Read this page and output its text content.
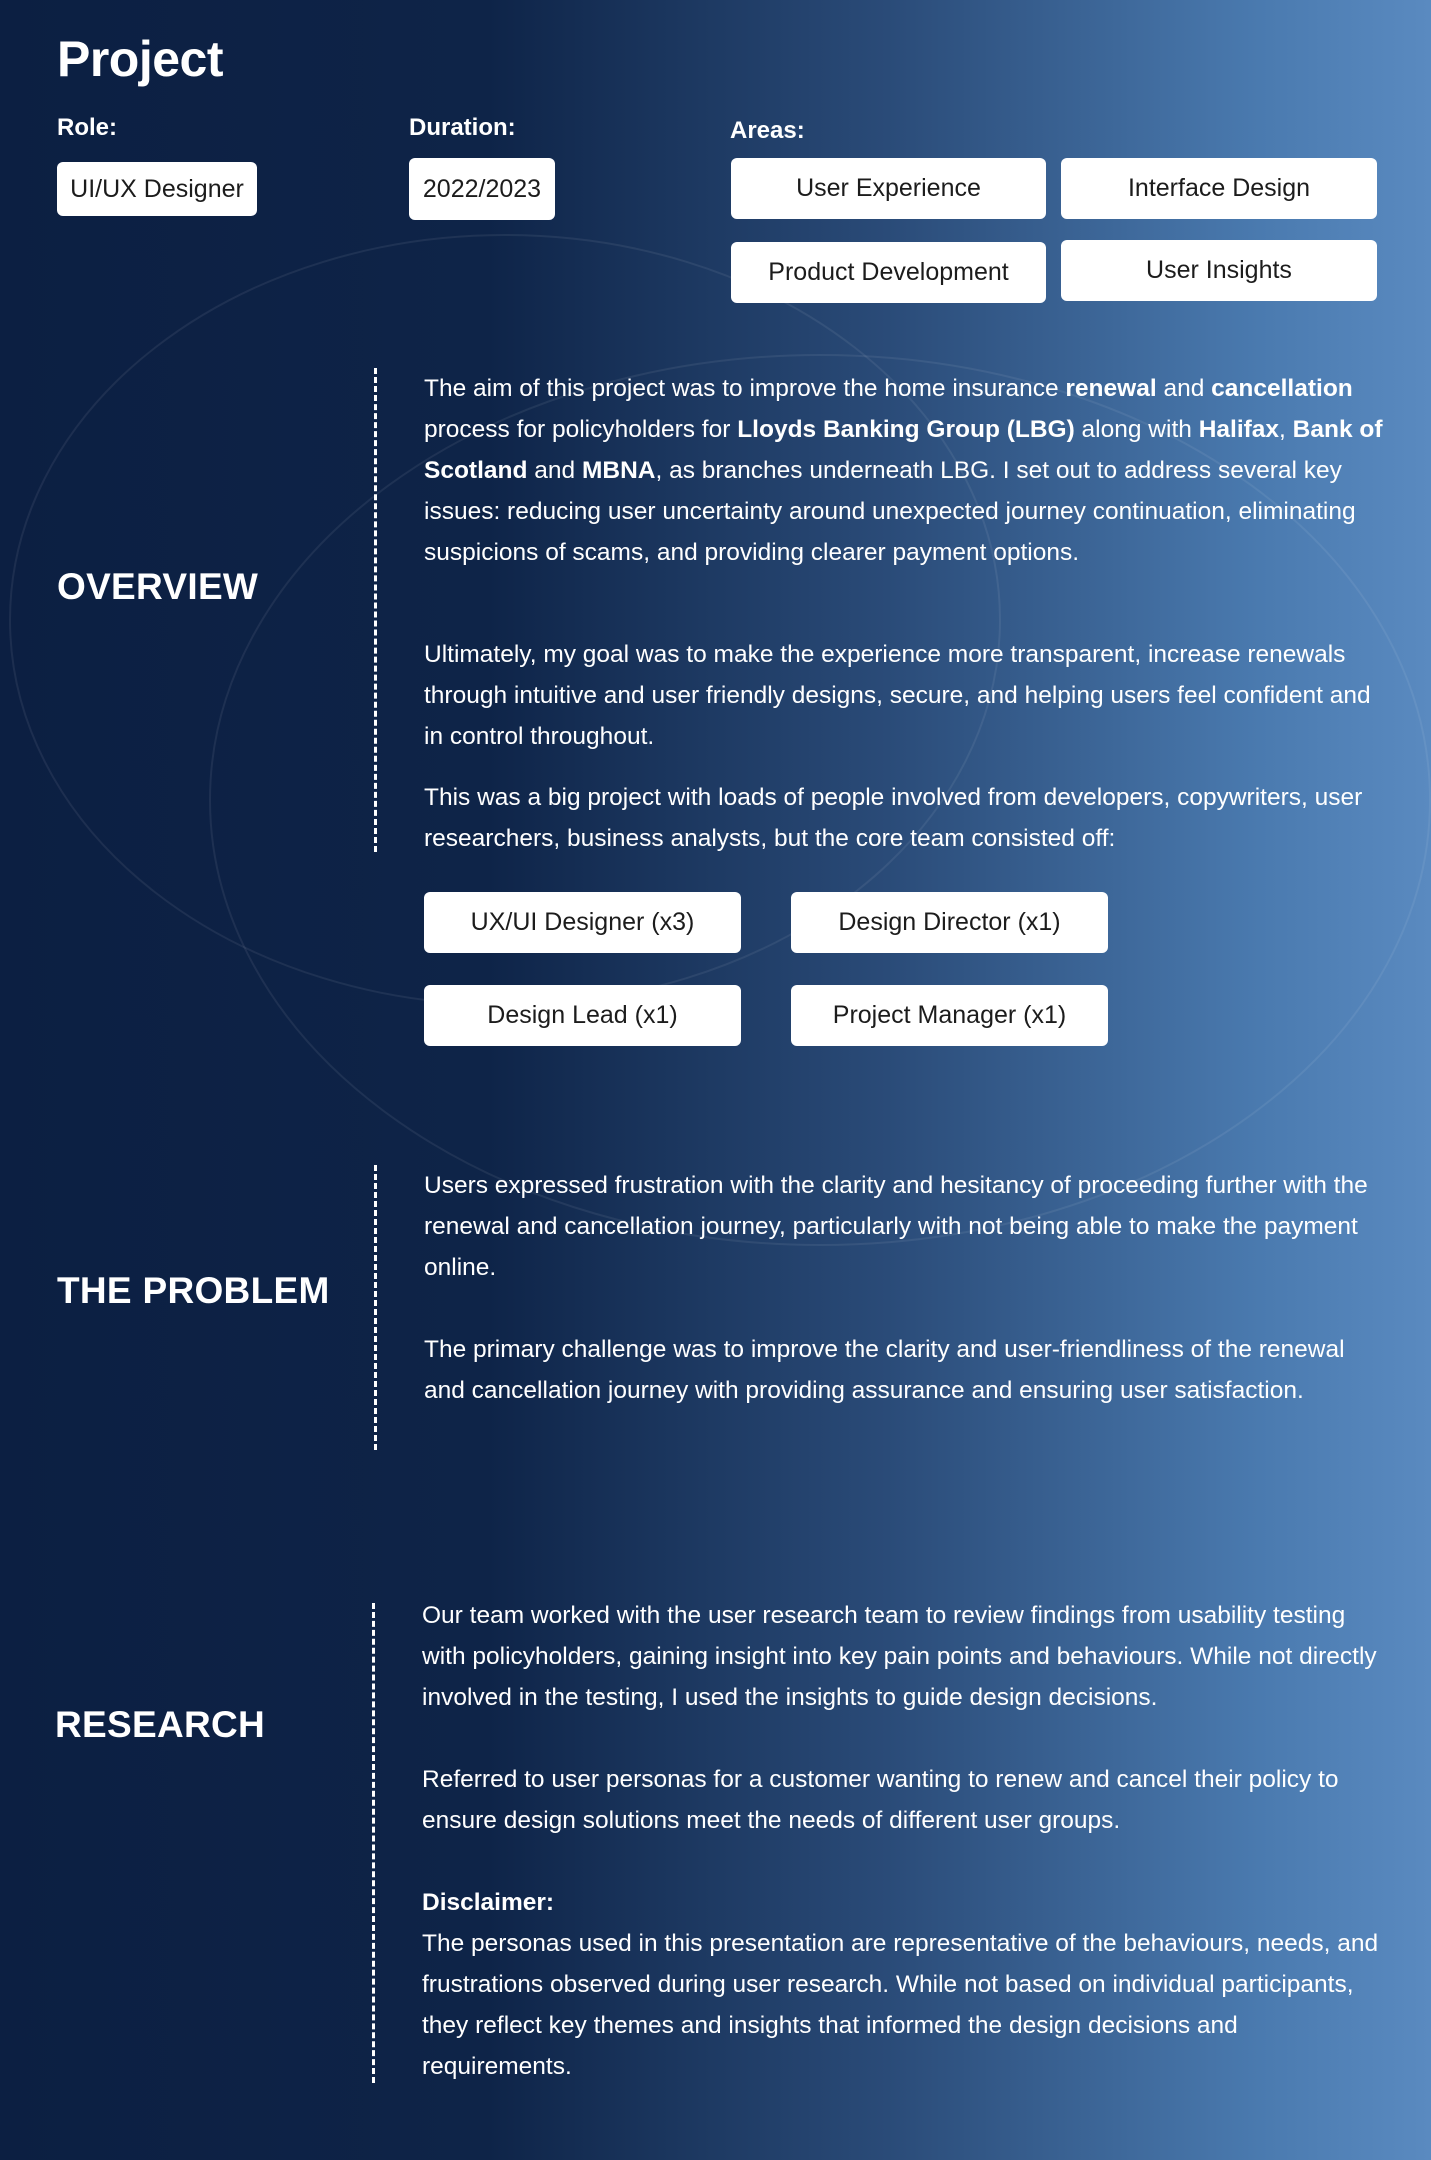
Project
Role:
UI/UX Designer
Duration:
2022/2023
Areas:
User Experience	Interface Design
Product Development	User Insights
OVERVIEW

The aim of this project was to improve the home insurance renewal and cancellation process for policyholders for Lloyds Banking Group (LBG) along with Halifax, Bank of Scotland and MBNA, as branches underneath LBG. I set out to address several key issues: reducing user uncertainty around unexpected journey continuation, eliminating suspicions of scams, and providing clearer payment options.

Ultimately, my goal was to make the experience more transparent, increase renewals through intuitive and user friendly designs, secure, and helping users feel confident and in control throughout.

This was a big project with loads of people involved from developers, copywriters, user researchers, business analysts, but the core team consisted off:

UX/UI Designer (x3)	Design Director (x1)
Design Lead (x1)	Project Manager (x1)
THE PROBLEM

Users expressed frustration with the clarity and hesitancy of proceeding further with the renewal and cancellation journey, particularly with not being able to make the payment online.

The primary challenge was to improve the clarity and user-friendliness of the renewal and cancellation journey with providing assurance and ensuring user satisfaction.

RESEARCH

Our team worked with the user research team to review findings from usability testing with policyholders, gaining insight into key pain points and behaviours. While not directly involved in the testing, I used the insights to guide design decisions.

Referred to user personas for a customer wanting to renew and cancel their policy to ensure design solutions meet the needs of different user groups.

Disclaimer:

The personas used in this presentation are representative of the behaviours, needs, and frustrations observed during user research. While not based on individual participants, they reflect key themes and insights that informed the design decisions and requirements.
